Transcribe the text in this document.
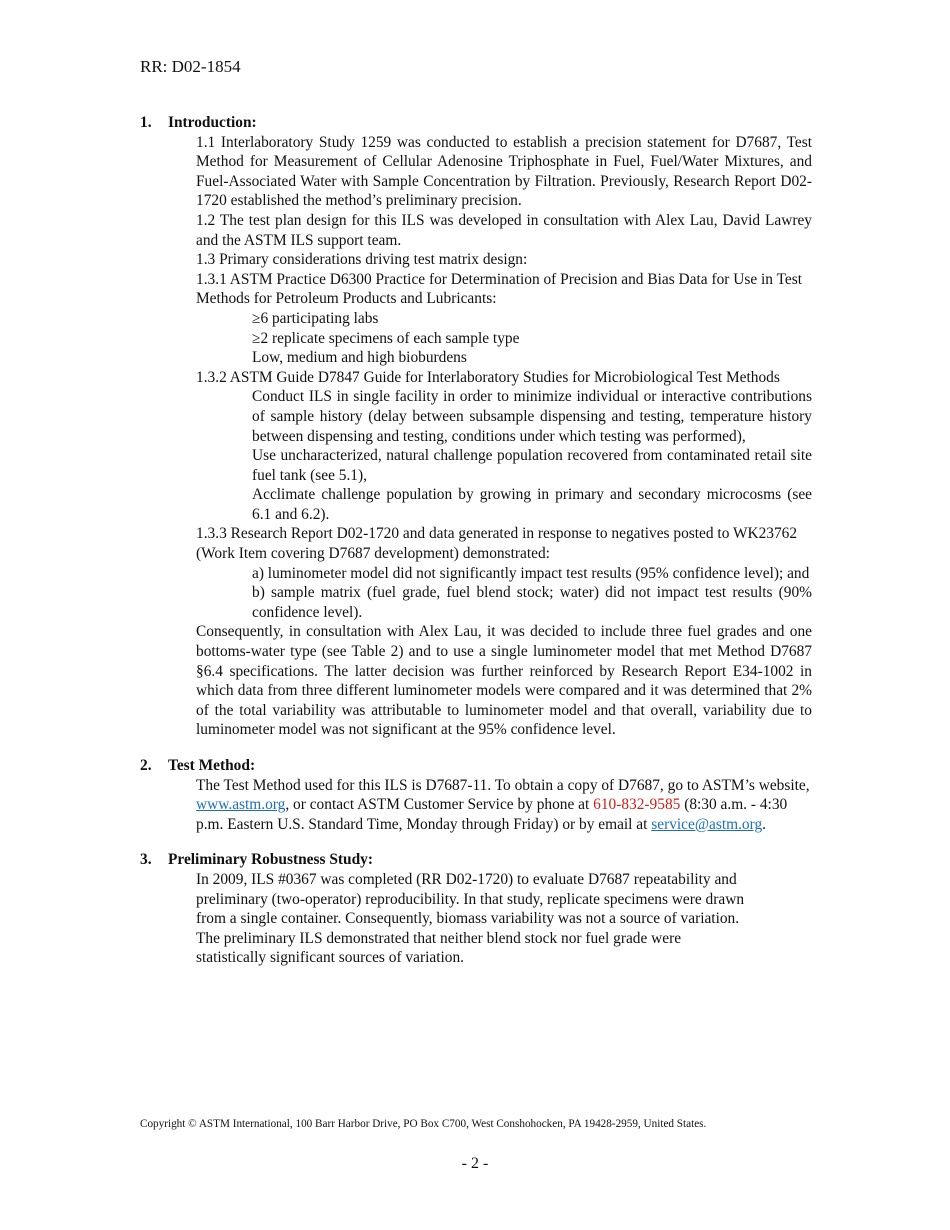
RR: D02-1854
1.	Introduction:
1.1 Interlaboratory Study 1259 was conducted to establish a precision statement for D7687, Test Method for Measurement of Cellular Adenosine Triphosphate in Fuel, Fuel/Water Mixtures, and Fuel-Associated Water with Sample Concentration by Filtration. Previously, Research Report D02-1720 established the method’s preliminary precision.
1.2 The test plan design for this ILS was developed in consultation with Alex Lau, David Lawrey and the ASTM ILS support team.
1.3 Primary considerations driving test matrix design:
1.3.1 ASTM Practice D6300 Practice for Determination of Precision and Bias Data for Use in Test Methods for Petroleum Products and Lubricants:
≥6 participating labs
≥2 replicate specimens of each sample type
Low, medium and high bioburdens
1.3.2 ASTM Guide D7847 Guide for Interlaboratory Studies for Microbiological Test Methods
Conduct ILS in single facility in order to minimize individual or interactive contributions of sample history (delay between subsample dispensing and testing, temperature history between dispensing and testing, conditions under which testing was performed),
Use uncharacterized, natural challenge population recovered from contaminated retail site fuel tank (see 5.1),
Acclimate challenge population by growing in primary and secondary microcosms (see 6.1 and 6.2).
1.3.3 Research Report D02-1720 and data generated in response to negatives posted to WK23762 (Work Item covering D7687 development) demonstrated:
a) luminometer model did not significantly impact test results (95% confidence level); and
b) sample matrix (fuel grade, fuel blend stock; water) did not impact test results (90% confidence level).
Consequently, in consultation with Alex Lau, it was decided to include three fuel grades and one bottoms-water type (see Table 2) and to use a single luminometer model that met Method D7687 §6.4 specifications. The latter decision was further reinforced by Research Report E34-1002 in which data from three different luminometer models were compared and it was determined that 2% of the total variability was attributable to luminometer model and that overall, variability due to luminometer model was not significant at the 95% confidence level.
2.	Test Method:
The Test Method used for this ILS is D7687-11. To obtain a copy of D7687, go to ASTM’s website, www.astm.org, or contact ASTM Customer Service by phone at 610-832-9585 (8:30 a.m. - 4:30 p.m. Eastern U.S. Standard Time, Monday through Friday) or by email at service@astm.org.
3.	Preliminary Robustness Study:
In 2009, ILS #0367 was completed (RR D02-1720) to evaluate D7687 repeatability and
preliminary (two-operator) reproducibility. In that study, replicate specimens were drawn
from a single container. Consequently, biomass variability was not a source of variation.
The preliminary ILS demonstrated that neither blend stock nor fuel grade were
statistically significant sources of variation.
Copyright © ASTM International, 100 Barr Harbor Drive, PO Box C700, West Conshohocken, PA 19428-2959, United States.
- 2 -
